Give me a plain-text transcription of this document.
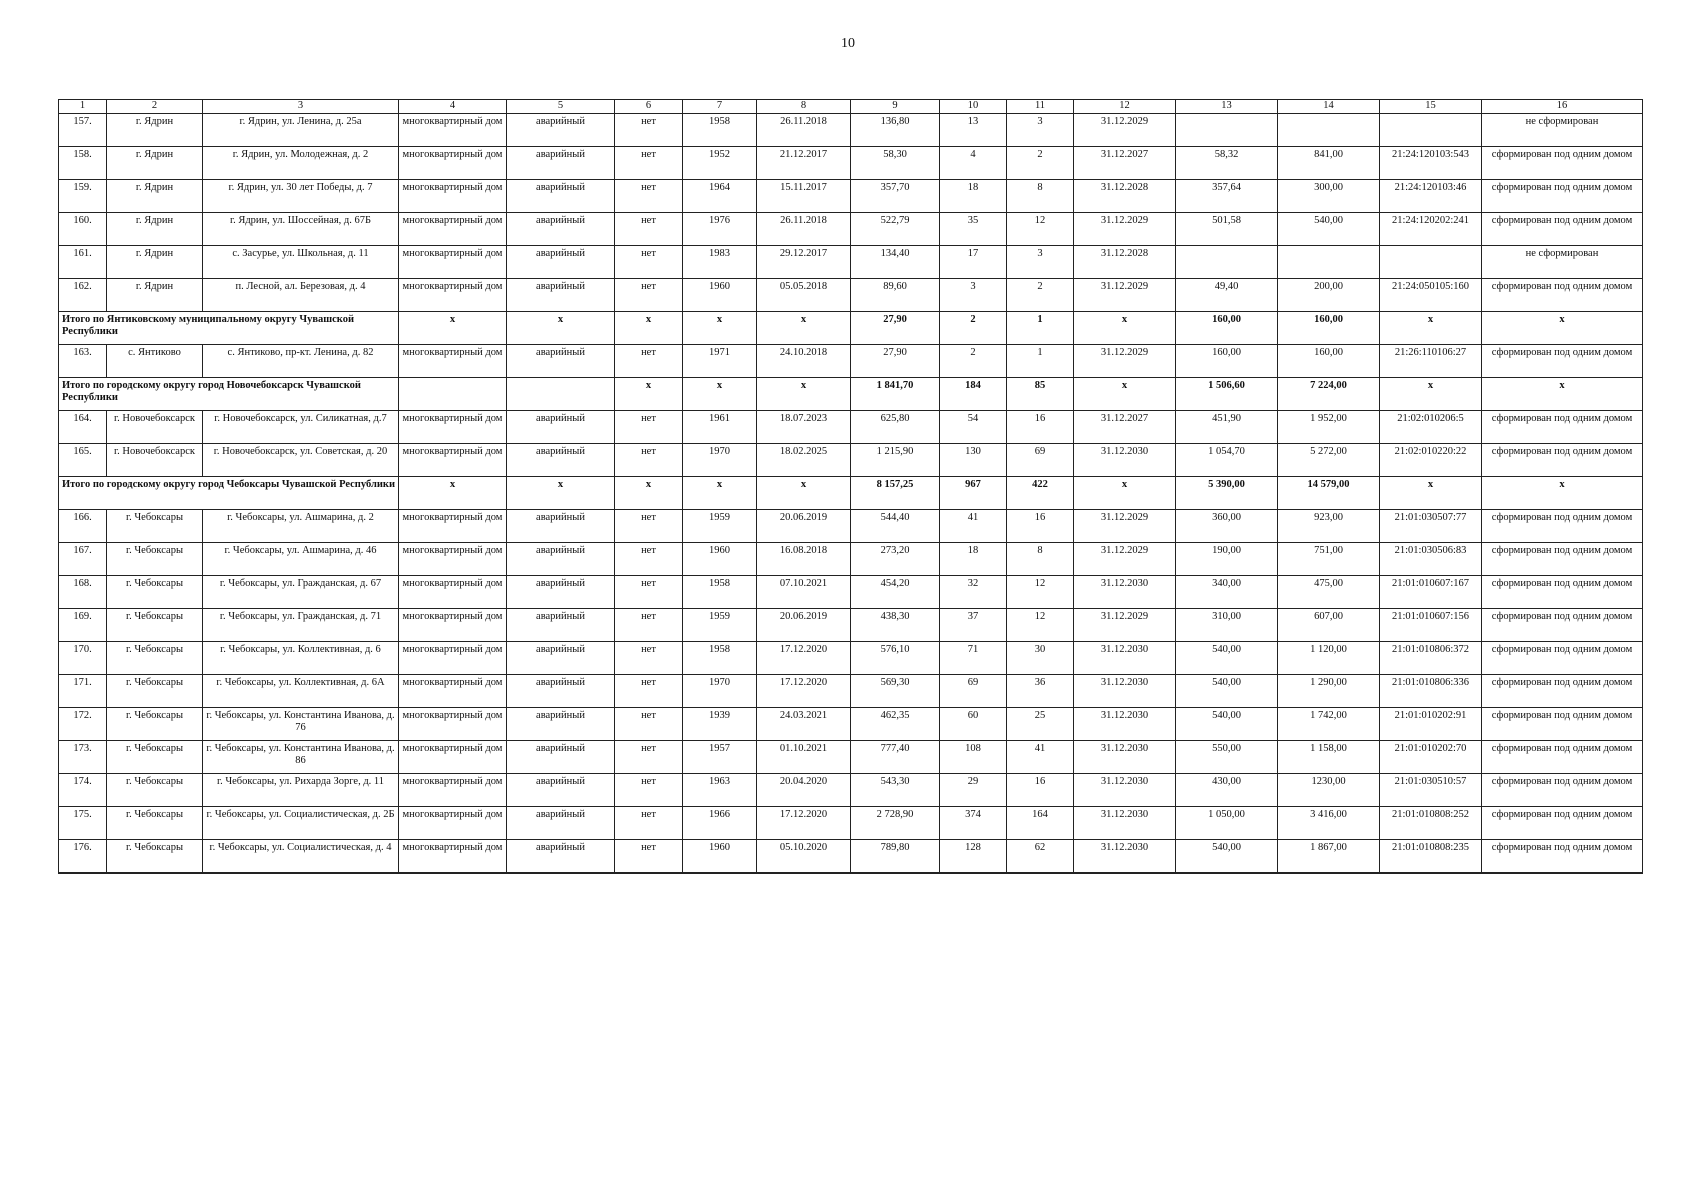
10
1	2	3	4	5	6	7	8	9	10	11	12	13	14	15	16
157.	г. Ядрин	г. Ядрин, ул. Ленина, д. 25а	многоквартирный дом	аварийный	нет	1958	26.11.2018	136,80	13	3	31.12.2029				не сформирован
158.	г. Ядрин	г. Ядрин, ул. Молодежная, д. 2	многоквартирный дом	аварийный	нет	1952	21.12.2017	58,30	4	2	31.12.2027	58,32	841,00	21:24:120103:543	сформирован под одним домом
159.	г. Ядрин	г. Ядрин, ул. 30 лет Победы, д. 7	многоквартирный дом	аварийный	нет	1964	15.11.2017	357,70	18	8	31.12.2028	357,64	300,00	21:24:120103:46	сформирован под одним домом
160.	г. Ядрин	г. Ядрин, ул. Шоссейная, д. 67Б	многоквартирный дом	аварийный	нет	1976	26.11.2018	522,79	35	12	31.12.2029	501,58	540,00	21:24:120202:241	сформирован под одним домом
161.	г. Ядрин	с. Засурье, ул. Школьная, д. 11	многоквартирный дом	аварийный	нет	1983	29.12.2017	134,40	17	3	31.12.2028				не сформирован
162.	г. Ядрин	п. Лесной, ал. Березовая, д. 4	многоквартирный дом	аварийный	нет	1960	05.05.2018	89,60	3	2	31.12.2029	49,40	200,00	21:24:050105:160	сформирован под одним домом
Итого по Янтиковскому муниципальному округу Чувашской Республики			x	x	x	x	x	27,90	2	1	x	160,00	160,00	x	x
163.	с. Янтиково	с. Янтиково, пр-кт. Ленина, д. 82	многоквартирный дом	аварийный	нет	1971	24.10.2018	27,90	2	1	31.12.2029	160,00	160,00	21:26:110106:27	сформирован под одним домом
Итого по городскому округу город Новочебоксарск Чувашской Республики					x	x	x	1 841,70	184	85	x	1 506,60	7 224,00	x	x
164.	г. Новочебоксарск	г. Новочебоксарск, ул. Силикатная, д.7	многоквартирный дом	аварийный	нет	1961	18.07.2023	625,80	54	16	31.12.2027	451,90	1 952,00	21:02:010206:5	сформирован под одним домом
165.	г. Новочебоксарск	г. Новочебоксарск, ул. Советская, д. 20	многоквартирный дом	аварийный	нет	1970	18.02.2025	1 215,90	130	69	31.12.2030	1 054,70	5 272,00	21:02:010220:22	сформирован под одним домом
Итого по городскому округу город Чебоксары Чувашской Республики			x	x	x	x	x	8 157,25	967	422	x	5 390,00	14 579,00	x	x
166.	г. Чебоксары	г. Чебоксары, ул. Ашмарина, д. 2	многоквартирный дом	аварийный	нет	1959	20.06.2019	544,40	41	16	31.12.2029	360,00	923,00	21:01:030507:77	сформирован под одним домом
167.	г. Чебоксары	г. Чебоксары, ул. Ашмарина, д. 46	многоквартирный дом	аварийный	нет	1960	16.08.2018	273,20	18	8	31.12.2029	190,00	751,00	21:01:030506:83	сформирован под одним домом
168.	г. Чебоксары	г. Чебоксары, ул. Гражданская, д. 67	многоквартирный дом	аварийный	нет	1958	07.10.2021	454,20	32	12	31.12.2030	340,00	475,00	21:01:010607:167	сформирован под одним домом
169.	г. Чебоксары	г. Чебоксары, ул. Гражданская, д. 71	многоквартирный дом	аварийный	нет	1959	20.06.2019	438,30	37	12	31.12.2029	310,00	607,00	21:01:010607:156	сформирован под одним домом
170.	г. Чебоксары	г. Чебоксары, ул. Коллективная, д. 6	многоквартирный дом	аварийный	нет	1958	17.12.2020	576,10	71	30	31.12.2030	540,00	1 120,00	21:01:010806:372	сформирован под одним домом
171.	г. Чебоксары	г. Чебоксары, ул. Коллективная, д. 6А	многоквартирный дом	аварийный	нет	1970	17.12.2020	569,30	69	36	31.12.2030	540,00	1 290,00	21:01:010806:336	сформирован под одним домом
172.	г. Чебоксары	г. Чебоксары, ул. Константина Иванова, д. 76	многоквартирный дом	аварийный	нет	1939	24.03.2021	462,35	60	25	31.12.2030	540,00	1 742,00	21:01:010202:91	сформирован под одним домом
173.	г. Чебоксары	г. Чебоксары, ул. Константина Иванова, д. 86	многоквартирный дом	аварийный	нет	1957	01.10.2021	777,40	108	41	31.12.2030	550,00	1 158,00	21:01:010202:70	сформирован под одним домом
174.	г. Чебоксары	г. Чебоксары, ул. Рихарда Зорге, д. 11	многоквартирный дом	аварийный	нет	1963	20.04.2020	543,30	29	16	31.12.2030	430,00	1230,00	21:01:030510:57	сформирован под одним домом
175.	г. Чебоксары	г. Чебоксары, ул. Социалистическая, д. 2Б	многоквартирный дом	аварийный	нет	1966	17.12.2020	2 728,90	374	164	31.12.2030	1 050,00	3 416,00	21:01:010808:252	сформирован под одним домом
176.	г. Чебоксары	г. Чебоксары, ул. Социалистическая, д. 4	многоквартирный дом	аварийный	нет	1960	05.10.2020	789,80	128	62	31.12.2030	540,00	1 867,00	21:01:010808:235	сформирован под одним домом
